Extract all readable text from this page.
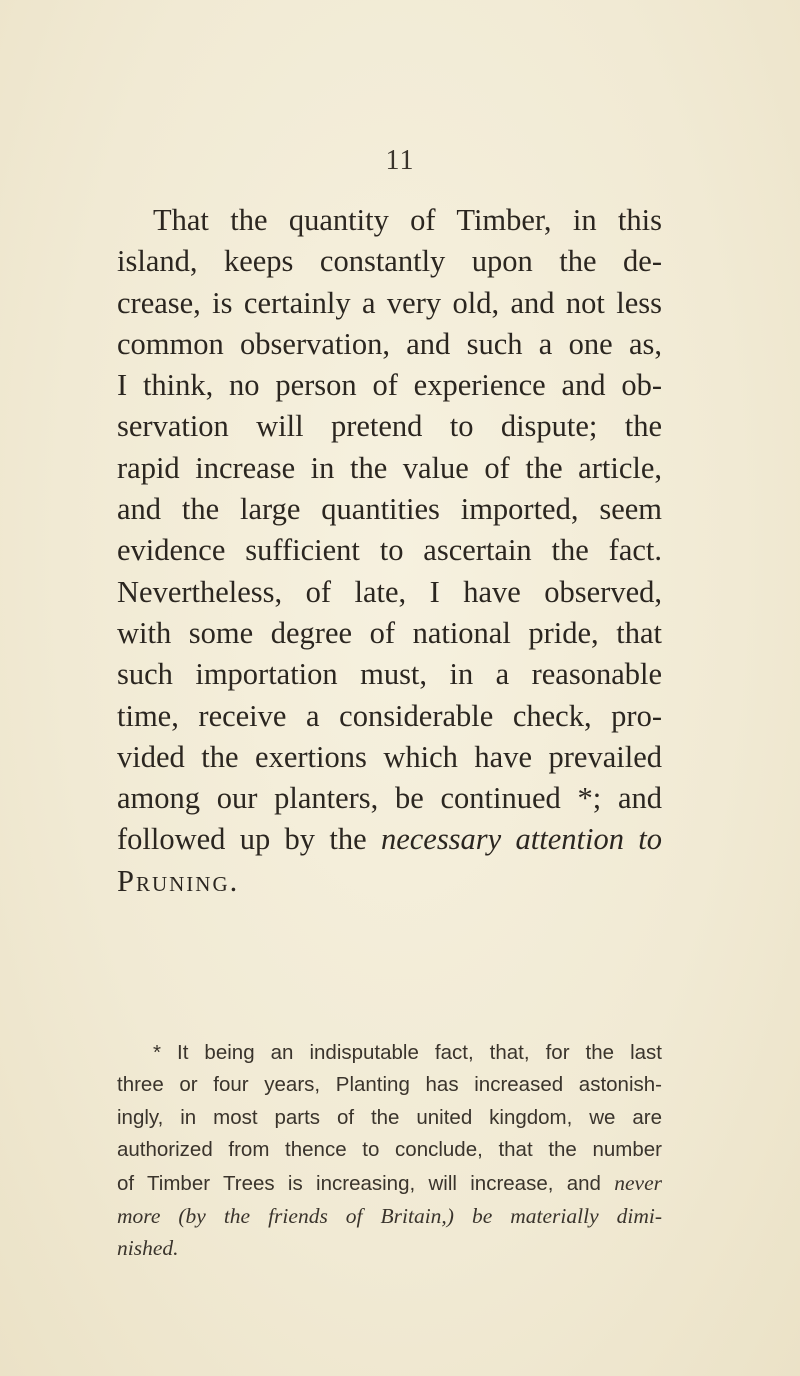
11

That the quantity of Timber, in this
island, keeps constantly upon the de-
crease, is certainly a very old, and not less
common observation, and such a one as,
I think, no person of experience and ob-
servation will pretend to dispute; the
rapid increase in the value of the article,
and the large quantities imported, seem
evidence sufficient to ascertain the fact.
Nevertheless, of late, I have observed,
with some degree of national pride, that
such importation must, in a reasonable
time, receive a considerable check, pro-
vided the exertions which have prevailed
among our planters, be continued *; and
followed up by the necessary attention to
Pruning.

* It being an indisputable fact, that, for the last
three or four years, Planting has increased astonish-
ingly, in most parts of the united kingdom, we are
authorized from thence to conclude, that the number
of Timber Trees is increasing, will increase, and never
more (by the friends of Britain,) be materially dimi-
nished.
